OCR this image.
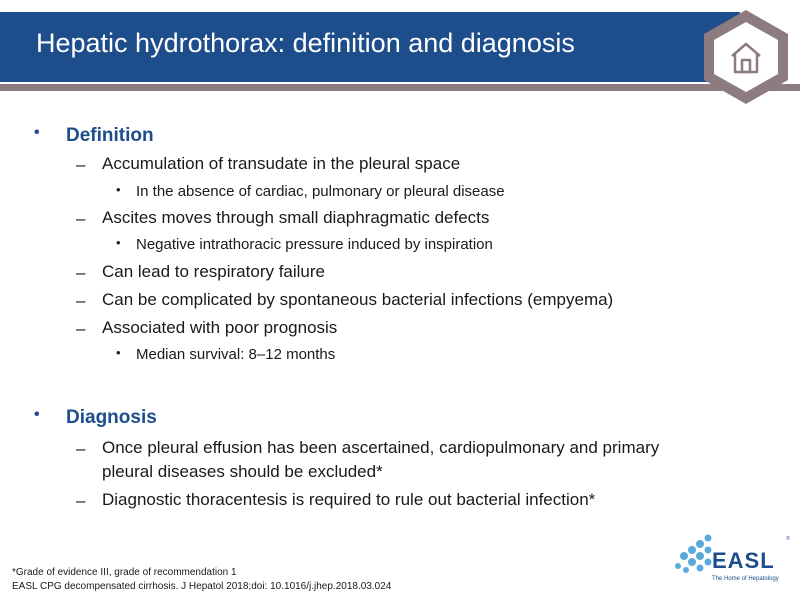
Hepatic hydrothorax: definition and diagnosis
• Definition
– Accumulation of transudate in the pleural space
• In the absence of cardiac, pulmonary or pleural disease
– Ascites moves through small diaphragmatic defects
• Negative intrathoracic pressure induced by inspiration
– Can lead to respiratory failure
– Can be complicated by spontaneous bacterial infections (empyema)
– Associated with poor prognosis
• Median survival: 8–12 months
• Diagnosis
– Once pleural effusion has been ascertained, cardiopulmonary and primary pleural diseases should be excluded*
– Diagnostic thoracentesis is required to rule out bacterial infection*
*Grade of evidence III, grade of recommendation 1
EASL CPG decompensated cirrhosis. J Hepatol 2018;doi: 10.1016/j.jhep.2018.03.024
®
EASL
The Home of Hepatology
